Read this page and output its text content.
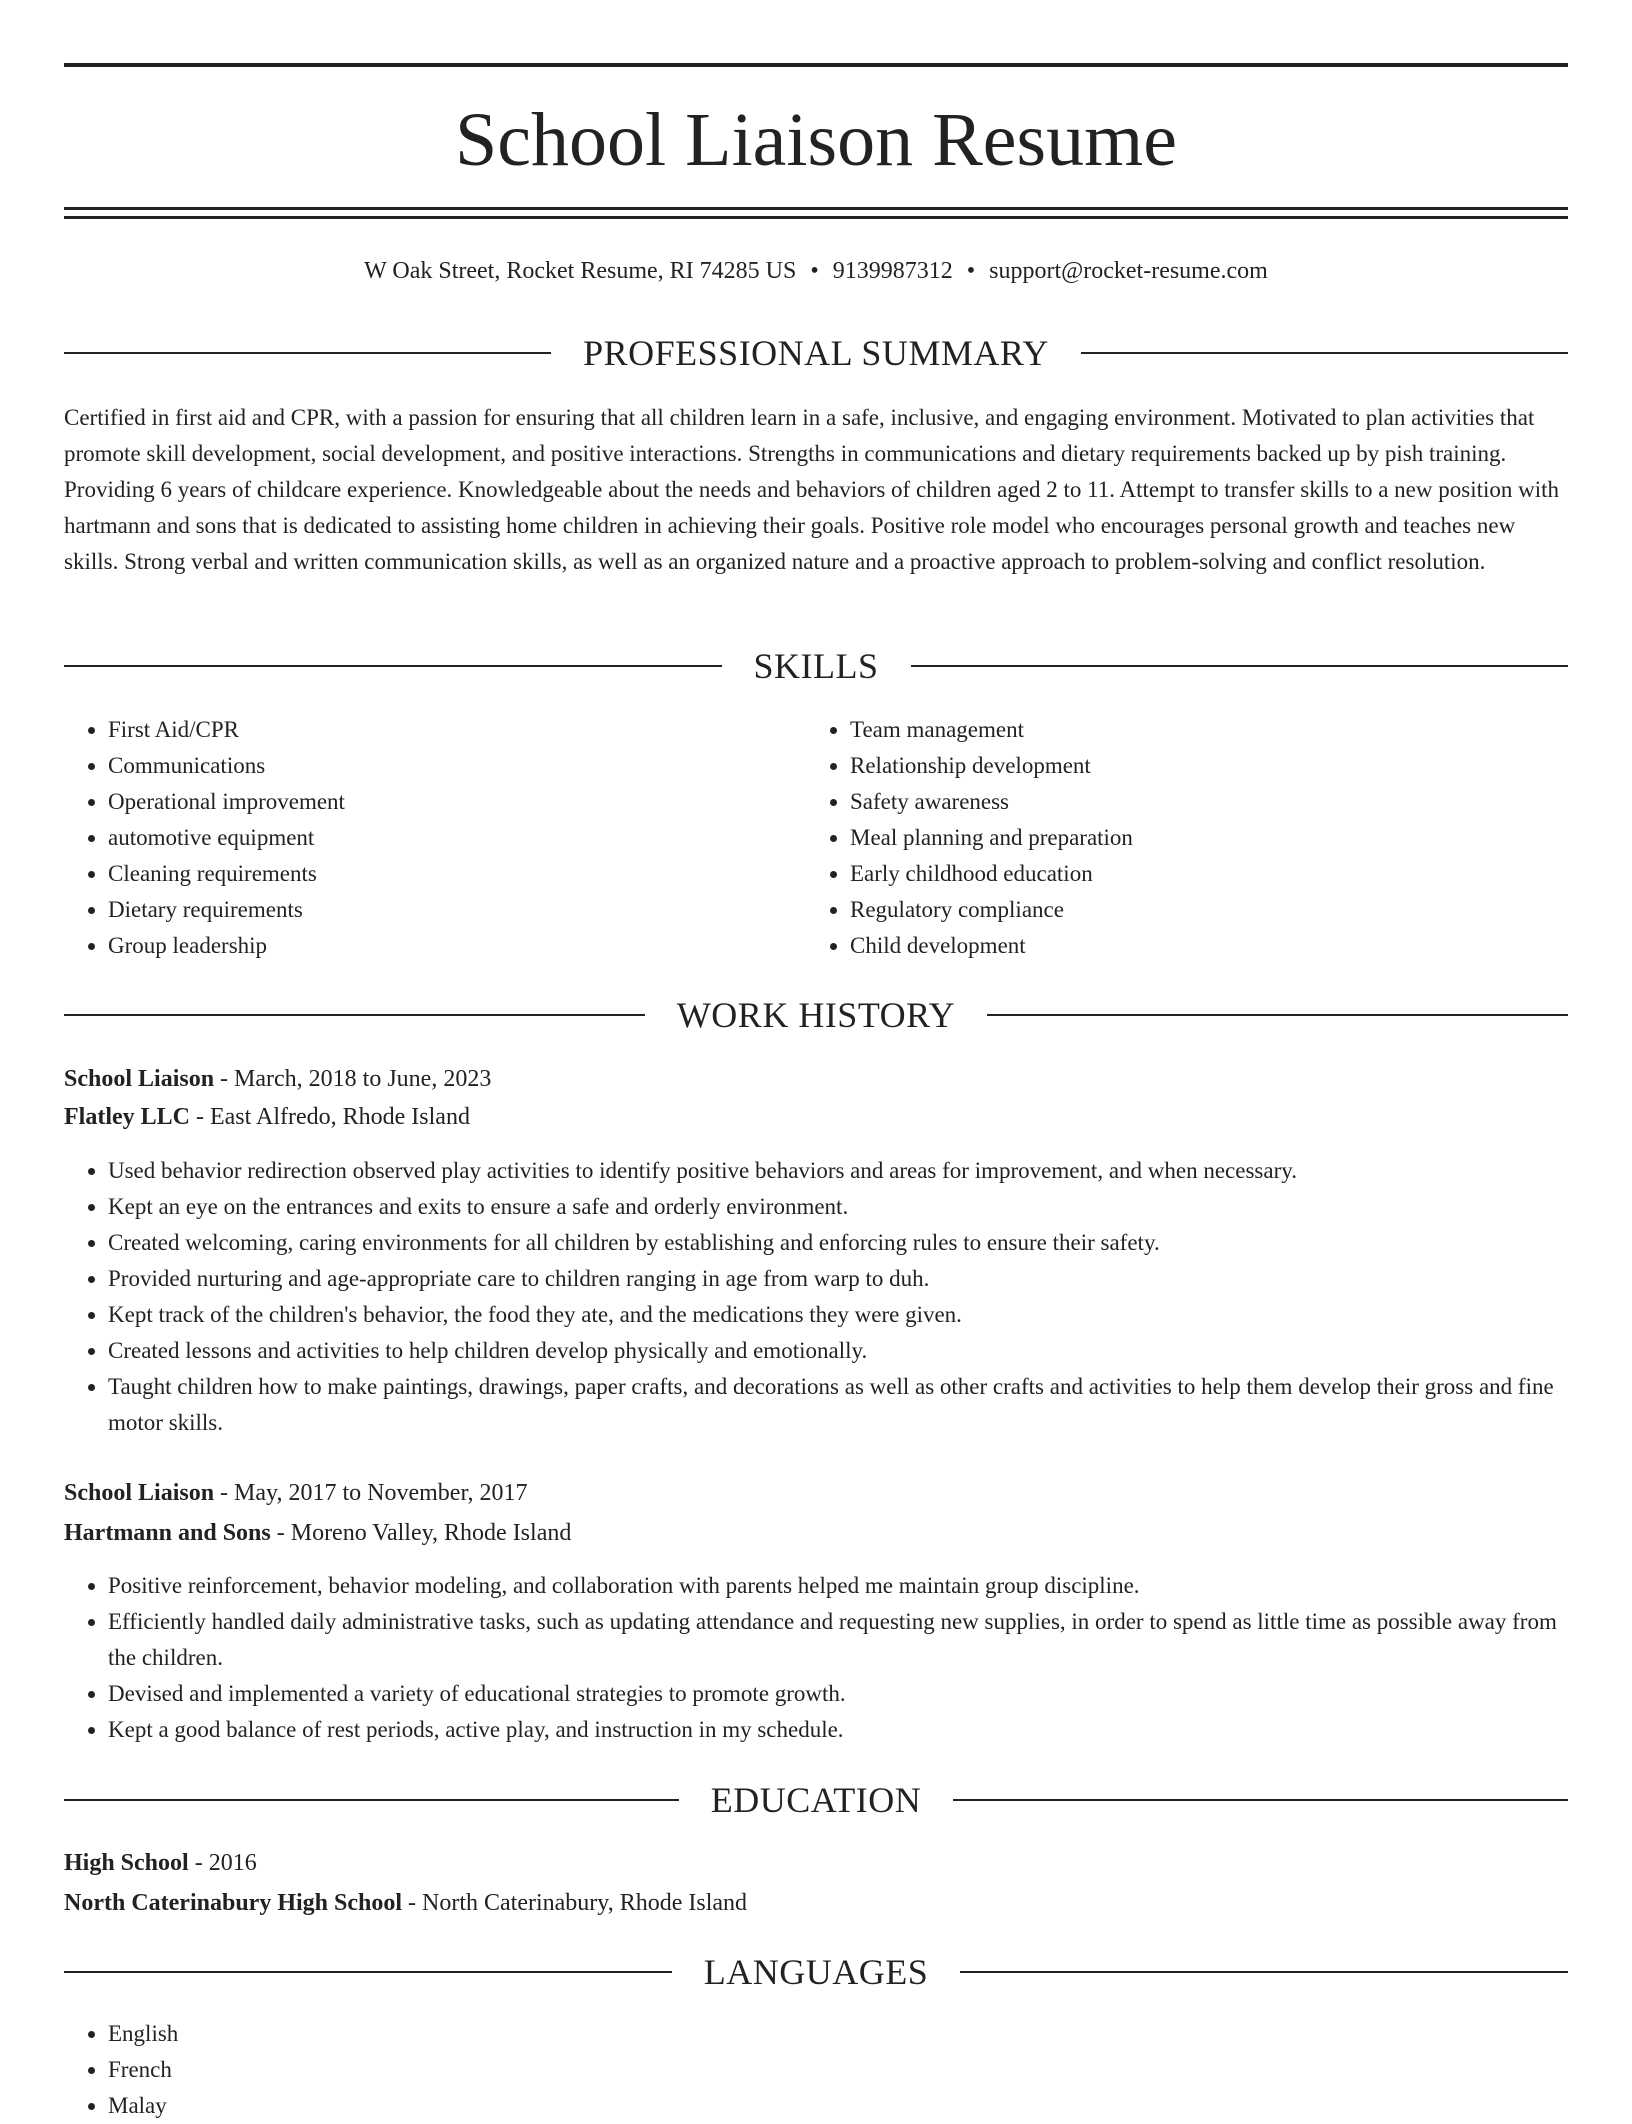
School Liaison Resume
W Oak Street, Rocket Resume, RI 74285 US • 9139987312 • support@rocket-resume.com
PROFESSIONAL SUMMARY

Certified in first aid and CPR, with a passion for ensuring that all children learn in a safe, inclusive, and engaging environment. Motivated to plan activities that promote skill development, social development, and positive interactions. Strengths in communications and dietary requirements backed up by pish training. Providing 6 years of childcare experience. Knowledgeable about the needs and behaviors of children aged 2 to 11. Attempt to transfer skills to a new position with hartmann and sons that is dedicated to assisting home children in achieving their goals. Positive role model who encourages personal growth and teaches new skills. Strong verbal and written communication skills, as well as an organized nature and a proactive approach to problem-solving and conflict resolution.

SKILLS
• First Aid/CPR
• Communications
• Operational improvement
• automotive equipment
• Cleaning requirements
• Dietary requirements
• Group leadership
• Team management
• Relationship development
• Safety awareness
• Meal planning and preparation
• Early childhood education
• Regulatory compliance
• Child development
WORK HISTORY
School Liaison - March, 2018 to June, 2023
Flatley LLC - East Alfredo, Rhode Island
• Used behavior redirection observed play activities to identify positive behaviors and areas for improvement, and when necessary.
• Kept an eye on the entrances and exits to ensure a safe and orderly environment.
• Created welcoming, caring environments for all children by establishing and enforcing rules to ensure their safety.
• Provided nurturing and age-appropriate care to children ranging in age from warp to duh.
• Kept track of the children's behavior, the food they ate, and the medications they were given.
• Created lessons and activities to help children develop physically and emotionally.
• Taught children how to make paintings, drawings, paper crafts, and decorations as well as other crafts and activities to help them develop their gross and fine motor skills.
School Liaison - May, 2017 to November, 2017
Hartmann and Sons - Moreno Valley, Rhode Island
• Positive reinforcement, behavior modeling, and collaboration with parents helped me maintain group discipline.
• Efficiently handled daily administrative tasks, such as updating attendance and requesting new supplies, in order to spend as little time as possible away from the children.
• Devised and implemented a variety of educational strategies to promote growth.
• Kept a good balance of rest periods, active play, and instruction in my schedule.
EDUCATION
High School - 2016
North Caterinabury High School - North Caterinabury, Rhode Island
LANGUAGES
• English
• French
• Malay
